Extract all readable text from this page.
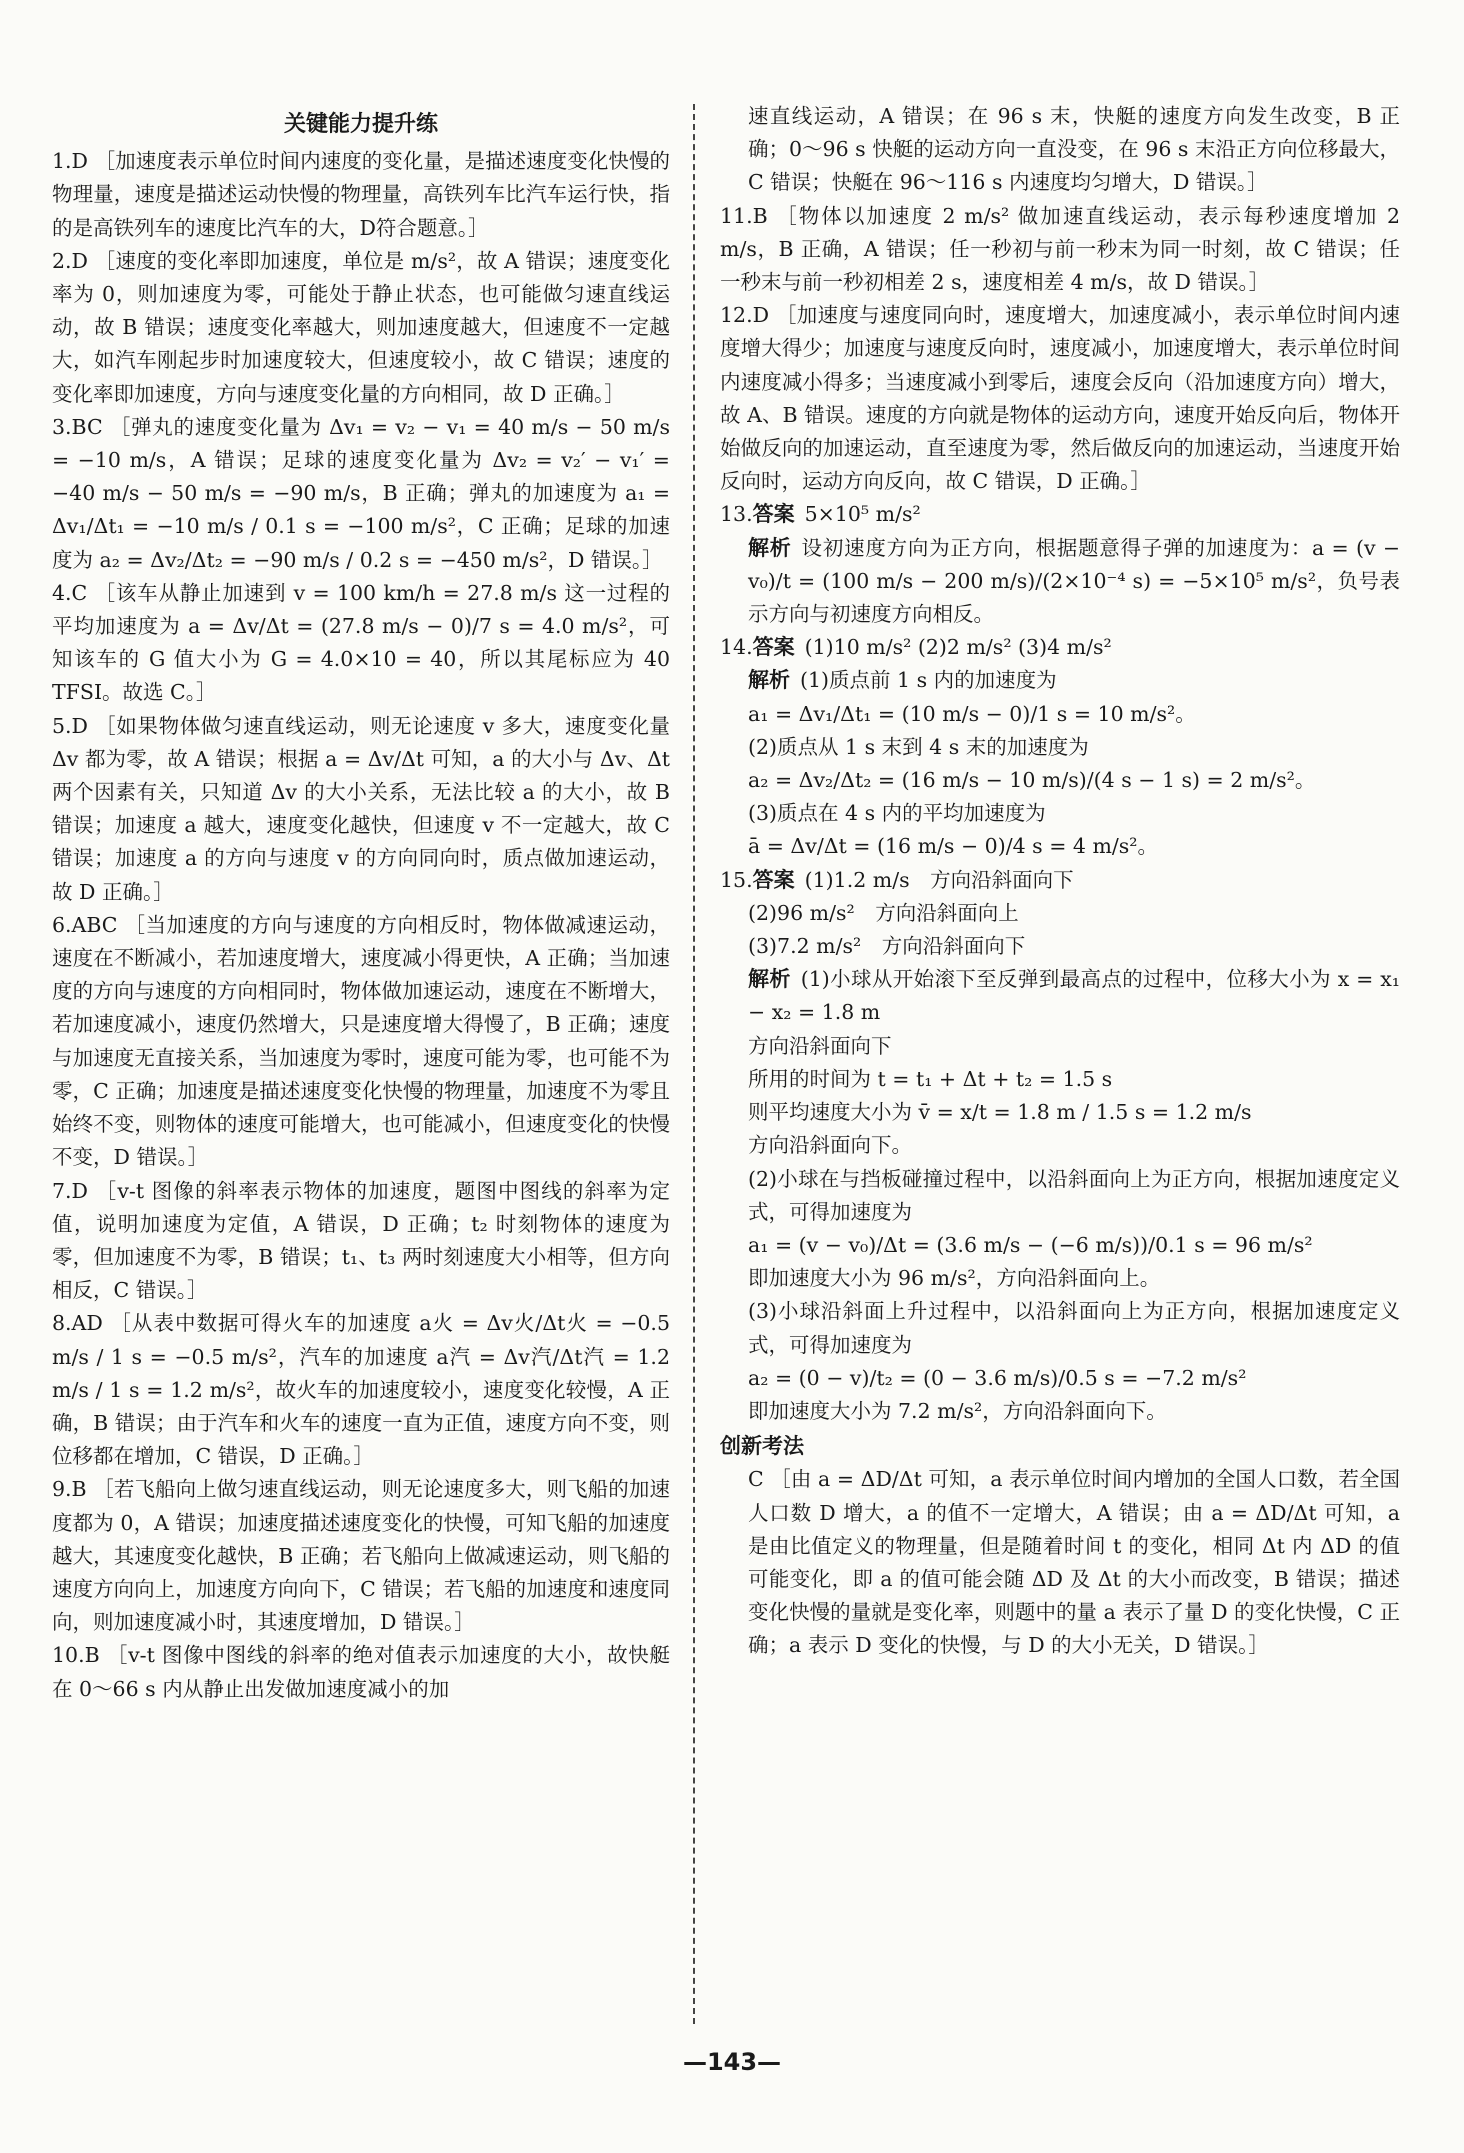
关键能力提升练
1.D ［加速度表示单位时间内速度的变化量，是描述速度变化快慢的物理量，速度是描述运动快慢的物理量，高铁列车比汽车运行快，指的是高铁列车的速度比汽车的大，D符合题意。］
2.D ［速度的变化率即加速度，单位是 m/s²，故 A 错误；速度变化率为 0，则加速度为零，可能处于静止状态，也可能做匀速直线运动，故 B 错误；速度变化率越大，则加速度越大，但速度不一定越大，如汽车刚起步时加速度较大，但速度较小，故 C 错误；速度的变化率即加速度，方向与速度变化量的方向相同，故 D 正确。］
3.BC ［弹丸的速度变化量为 Δv₁ = v₂ − v₁ = 40 m/s − 50 m/s = −10 m/s，A 错误；足球的速度变化量为 Δv₂ = v₂′ − v₁′ = −40 m/s − 50 m/s = −90 m/s，B 正确；弹丸的加速度为 a₁ = Δv₁/Δt₁ = −10 m/s / 0.1 s = −100 m/s²，C 正确；足球的加速度为 a₂ = Δv₂/Δt₂ = −90 m/s / 0.2 s = −450 m/s²，D 错误。］
4.C ［该车从静止加速到 v = 100 km/h = 27.8 m/s 这一过程的平均加速度为 a = Δv/Δt = (27.8 m/s − 0)/7 s = 4.0 m/s²，可知该车的 G 值大小为 G = 4.0×10 = 40，所以其尾标应为 40 TFSI。故选 C。］
5.D ［如果物体做匀速直线运动，则无论速度 v 多大，速度变化量 Δv 都为零，故 A 错误；根据 a = Δv/Δt 可知，a 的大小与 Δv、Δt 两个因素有关，只知道 Δv 的大小关系，无法比较 a 的大小，故 B 错误；加速度 a 越大，速度变化越快，但速度 v 不一定越大，故 C 错误；加速度 a 的方向与速度 v 的方向同向时，质点做加速运动，故 D 正确。］
6.ABC ［当加速度的方向与速度的方向相反时，物体做减速运动，速度在不断减小，若加速度增大，速度减小得更快，A 正确；当加速度的方向与速度的方向相同时，物体做加速运动，速度在不断增大，若加速度减小，速度仍然增大，只是速度增大得慢了，B 正确；速度与加速度无直接关系，当加速度为零时，速度可能为零，也可能不为零，C 正确；加速度是描述速度变化快慢的物理量，加速度不为零且始终不变，则物体的速度可能增大，也可能减小，但速度变化的快慢不变，D 错误。］
7.D ［v-t 图像的斜率表示物体的加速度，题图中图线的斜率为定值，说明加速度为定值，A 错误，D 正确；t₂ 时刻物体的速度为零，但加速度不为零，B 错误；t₁、t₃ 两时刻速度大小相等，但方向相反，C 错误。］
8.AD ［从表中数据可得火车的加速度 a火 = Δv火/Δt火 = −0.5 m/s / 1 s = −0.5 m/s²，汽车的加速度 a汽 = Δv汽/Δt汽 = 1.2 m/s / 1 s = 1.2 m/s²，故火车的加速度较小，速度变化较慢，A 正确，B 错误；由于汽车和火车的速度一直为正值，速度方向不变，则位移都在增加，C 错误，D 正确。］
9.B ［若飞船向上做匀速直线运动，则无论速度多大，则飞船的加速度都为 0，A 错误；加速度描述速度变化的快慢，可知飞船的加速度越大，其速度变化越快，B 正确；若飞船向上做减速运动，则飞船的速度方向向上，加速度方向向下，C 错误；若飞船的加速度和速度同向，则加速度减小时，其速度增加，D 错误。］
10.B ［v-t 图像中图线的斜率的绝对值表示加速度的大小，故快艇在 0～66 s 内从静止出发做加速度减小的加
速直线运动，A 错误；在 96 s 末，快艇的速度方向发生改变，B 正确；0～96 s 快艇的运动方向一直没变，在 96 s 末沿正方向位移最大，C 错误；快艇在 96～116 s 内速度均匀增大，D 错误。］
11.B ［物体以加速度 2 m/s² 做加速直线运动，表示每秒速度增加 2 m/s，B 正确，A 错误；任一秒初与前一秒末为同一时刻，故 C 错误；任一秒末与前一秒初相差 2 s，速度相差 4 m/s，故 D 错误。］
12.D ［加速度与速度同向时，速度增大，加速度减小，表示单位时间内速度增大得少；加速度与速度反向时，速度减小，加速度增大，表示单位时间内速度减小得多；当速度减小到零后，速度会反向（沿加速度方向）增大，故 A、B 错误。速度的方向就是物体的运动方向，速度开始反向后，物体开始做反向的加速运动，直至速度为零，然后做反向的加速运动，当速度开始反向时，运动方向反向，故 C 错误，D 正确。］
13.答案 5×10⁵ m/s²
解析 设初速度方向为正方向，根据题意得子弹的加速度为：a = (v − v₀)/t = (100 m/s − 200 m/s)/(2×10⁻⁴ s) = −5×10⁵ m/s²，负号表示方向与初速度方向相反。
14.答案 (1)10 m/s² (2)2 m/s² (3)4 m/s²
解析 (1)质点前 1 s 内的加速度为
a₁ = Δv₁/Δt₁ = (10 m/s − 0)/1 s = 10 m/s²。
(2)质点从 1 s 末到 4 s 末的加速度为
a₂ = Δv₂/Δt₂ = (16 m/s − 10 m/s)/(4 s − 1 s) = 2 m/s²。
(3)质点在 4 s 内的平均加速度为
ā = Δv/Δt = (16 m/s − 0)/4 s = 4 m/s²。
15.答案 (1)1.2 m/s　方向沿斜面向下
(2)96 m/s²　方向沿斜面向上
(3)7.2 m/s²　方向沿斜面向下
解析 (1)小球从开始滚下至反弹到最高点的过程中，位移大小为 x = x₁ − x₂ = 1.8 m
方向沿斜面向下
所用的时间为 t = t₁ + Δt + t₂ = 1.5 s
则平均速度大小为 v̄ = x/t = 1.8 m / 1.5 s = 1.2 m/s
方向沿斜面向下。
(2)小球在与挡板碰撞过程中，以沿斜面向上为正方向，根据加速度定义式，可得加速度为
a₁ = (v − v₀)/Δt = (3.6 m/s − (−6 m/s))/0.1 s = 96 m/s²
即加速度大小为 96 m/s²，方向沿斜面向上。
(3)小球沿斜面上升过程中，以沿斜面向上为正方向，根据加速度定义式，可得加速度为
a₂ = (0 − v)/t₂ = (0 − 3.6 m/s)/0.5 s = −7.2 m/s²
即加速度大小为 7.2 m/s²，方向沿斜面向下。
创新考法
C ［由 a = ΔD/Δt 可知，a 表示单位时间内增加的全国人口数，若全国人口数 D 增大，a 的值不一定增大，A 错误；由 a = ΔD/Δt 可知，a 是由比值定义的物理量，但是随着时间 t 的变化，相同 Δt 内 ΔD 的值可能变化，即 a 的值可能会随 ΔD 及 Δt 的大小而改变，B 错误；描述变化快慢的量就是变化率，则题中的量 a 表示了量 D 的变化快慢，C 正确；a 表示 D 变化的快慢，与 D 的大小无关，D 错误。］
—143—
